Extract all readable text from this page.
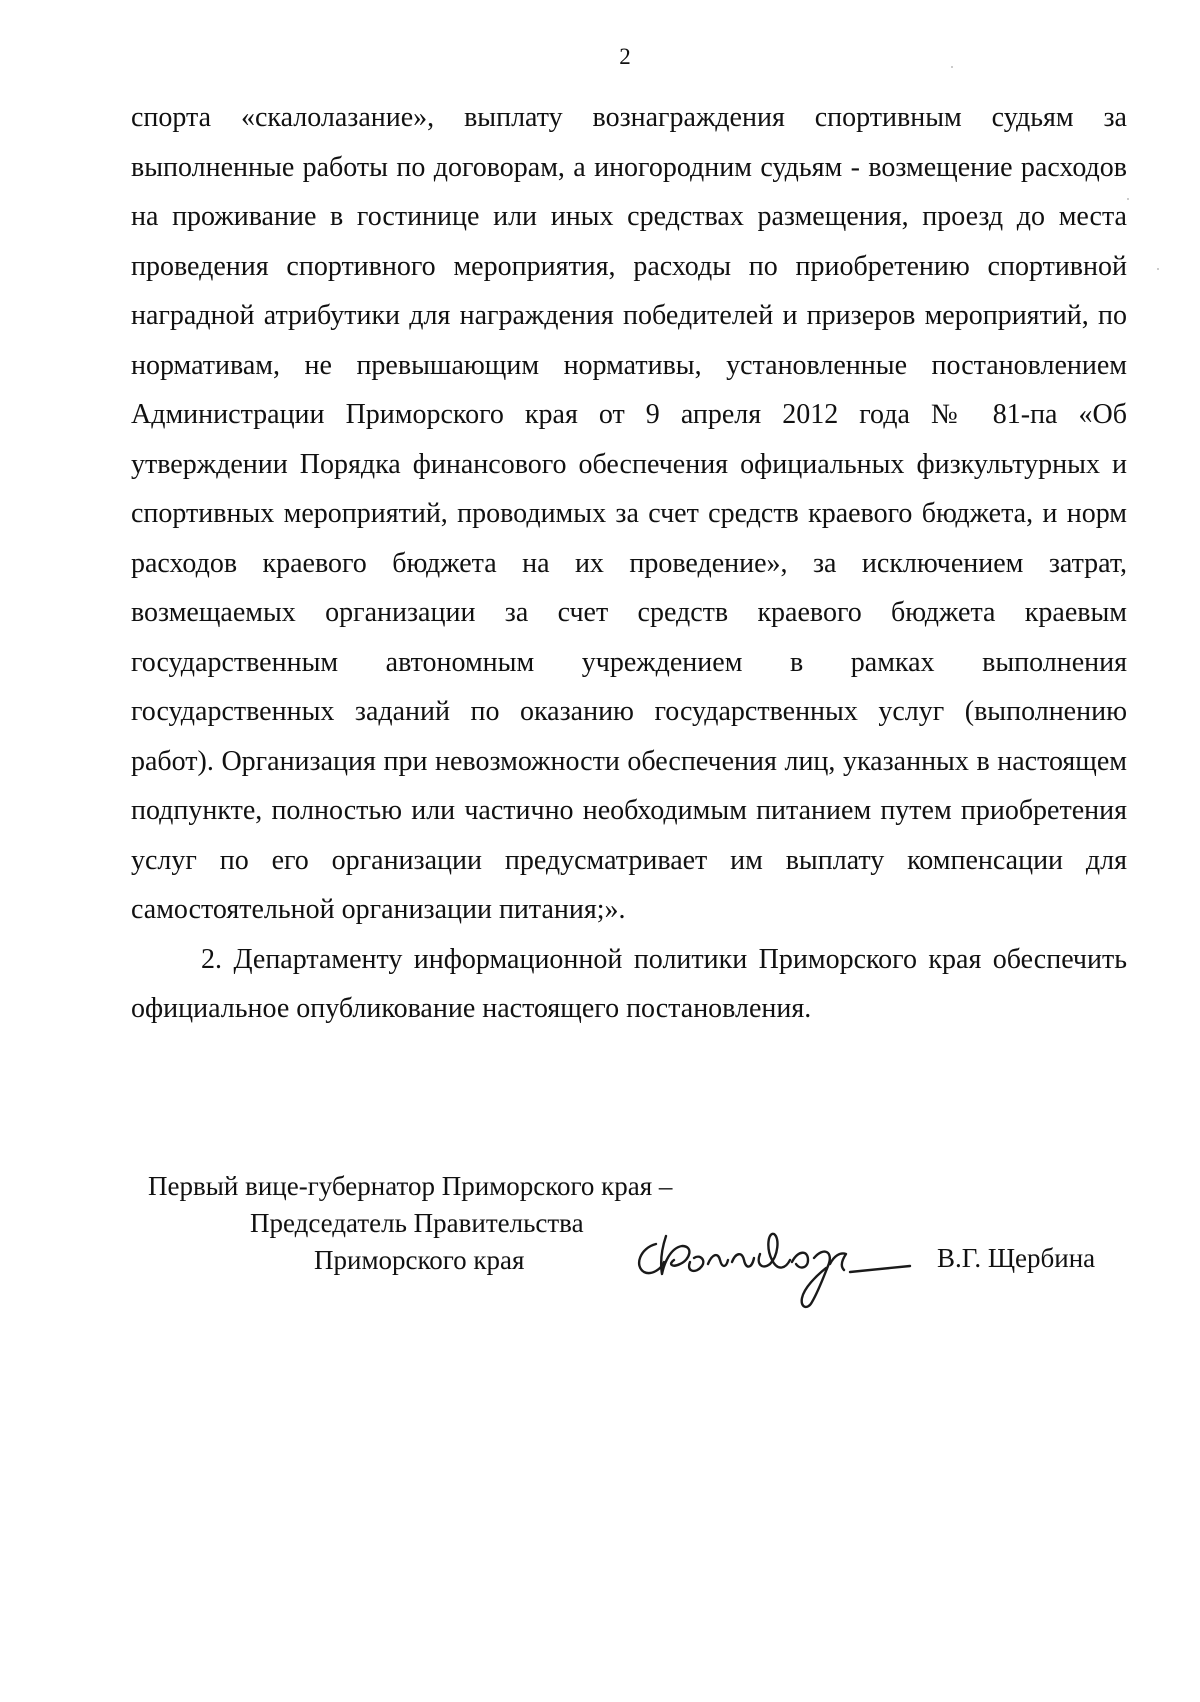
2

спорта «скалолазание», выплату вознаграждения спортивным судьям за выполненные работы по договорам, а иногородним судьям - возмещение расходов на проживание в гостинице или иных средствах размещения, проезд до места проведения спортивного мероприятия, расходы по приобретению спортивной наградной атрибутики для награждения победителей и призеров мероприятий, по нормативам, не превышающим нормативы, установленные постановлением Администрации Приморского края от 9 апреля 2012 года № 81-па «Об утверждении Порядка финансового обеспечения официальных физкультурных и спортивных мероприятий, проводимых за счет средств краевого бюджета, и норм расходов краевого бюджета на их проведение», за исключением затрат, возмещаемых организации за счет средств краевого бюджета краевым государственным автономным учреждением в рамках выполнения государственных заданий по оказанию государственных услуг (выполнению работ). Организация при невозможности обеспечения лиц, указанных в настоящем подпункте, полностью или частично необходимым питанием путем приобретения услуг по его организации предусматривает им выплату компенсации для самостоятельной организации питания;».

2. Департаменту информационной политики Приморского края обеспечить официальное опубликование настоящего постановления.

Первый вице-губернатор Приморского края –
Председатель Правительства
Приморского края	В.Г. Щербина
